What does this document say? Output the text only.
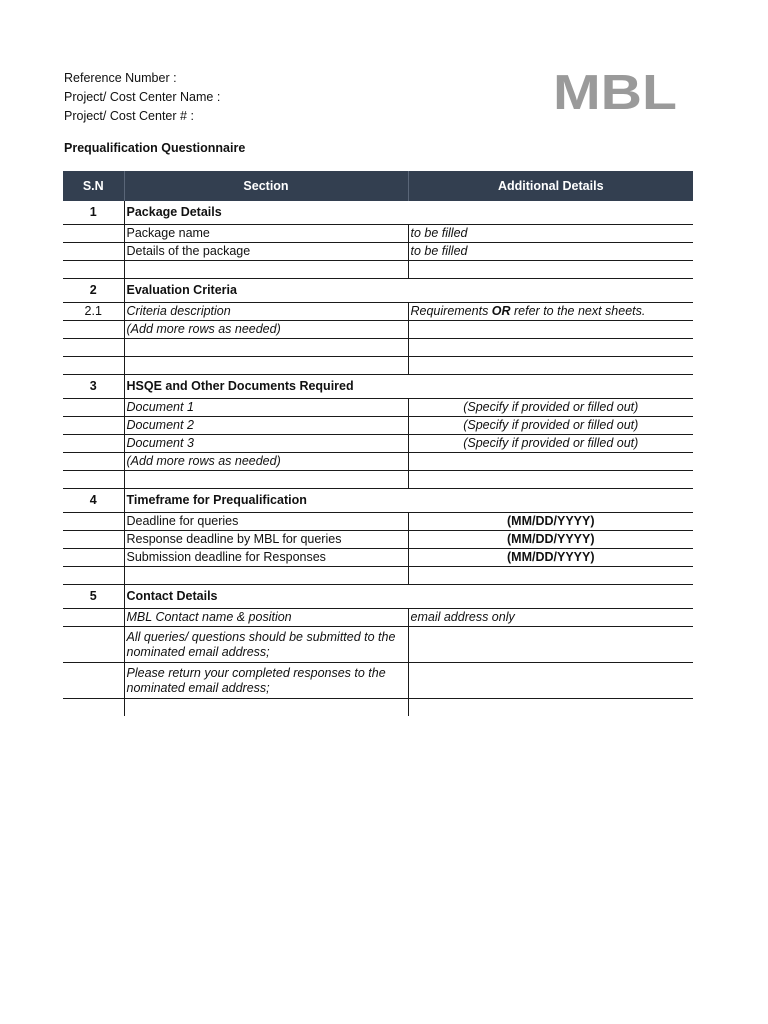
Reference Number :
Project/ Cost Center Name :
Project/ Cost Center # :	MBL
Prequalification Questionnaire
S.N	Section	Additional Details
1	Package Details	
	Package name	to be filled
	Details of the package	to be filled

2	Evaluation Criteria	
2.1	Criteria description	Requirements OR refer to the next sheets.
	(Add more rows as needed)	

3	HSQE and Other Documents Required	
	Document 1	(Specify if provided or filled out)
	Document 2	(Specify if provided or filled out)
	Document 3	(Specify if provided or filled out)
	(Add more rows as needed)	

4	Timeframe for Prequalification	
	Deadline for queries	(MM/DD/YYYY)
	Response deadline by MBL for queries	(MM/DD/YYYY)
	Submission deadline for Responses	(MM/DD/YYYY)

5	Contact Details	
	MBL Contact name & position	email address only
	All queries/ questions should be submitted to the nominated email address;	
	Please return your completed responses to the nominated email address;	
